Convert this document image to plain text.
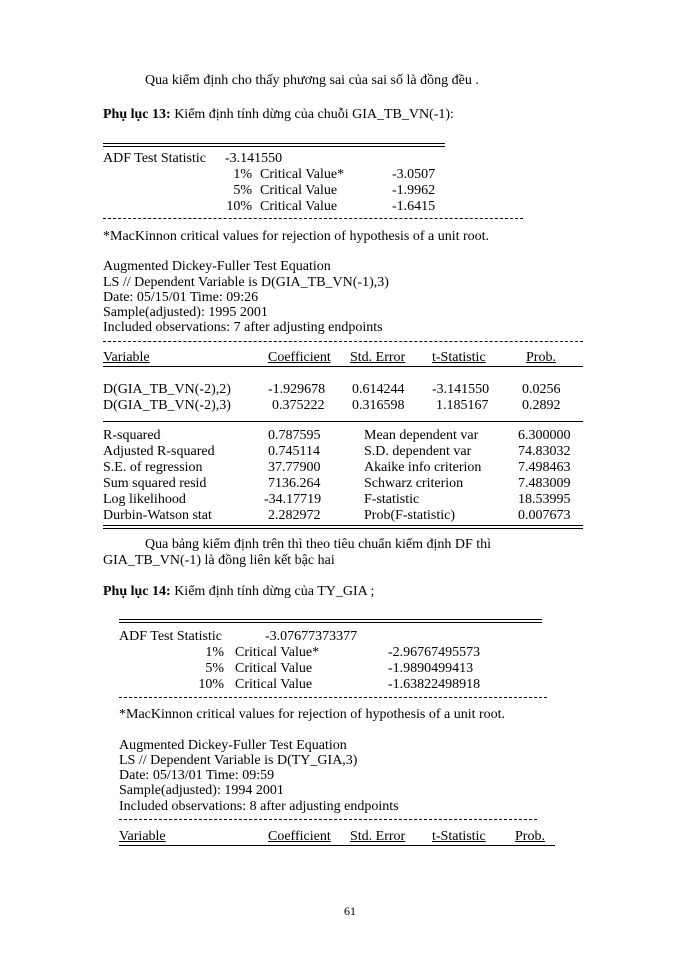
Qua kiểm định cho thấy phương sai của sai số là đồng đều .
Phụ lục 13: Kiểm định tính dừng của chuỗi GIA_TB_VN(-1):
ADF Test Statistic -3.141550
1% Critical Value*	-3.0507
5% Critical Value	-1.9962
10% Critical Value	-1.6415
*MacKinnon critical values for rejection of hypothesis of a unit root.
Augmented Dickey-Fuller Test Equation
LS // Dependent Variable is D(GIA_TB_VN(-1),3)
Date: 05/15/01 Time: 09:26
Sample(adjusted): 1995 2001
Included observations: 7 after adjusting endpoints
Variable	Coefficient Std. Error t-Statistic	Prob.
D(GIA_TB_VN(-2),2)	-1.929678 0.614244 -3.141550 0.0256
D(GIA_TB_VN(-2),3)	0.375222 0.316598 1.185167 0.2892
R-squared	0.787595	Mean dependent var	6.300000
Adjusted R-squared	0.745114	S.D. dependent var	74.83032
S.E. of regression	37.77900	Akaike info criterion	7.498463
Sum squared resid	7136.264	Schwarz criterion	7.483009
Log likelihood	-34.17719	F-statistic	18.53995
Durbin-Watson stat	2.282972	Prob(F-statistic)	0.007673
Qua bảng kiểm định trên thì theo tiêu chuẩn kiểm định DF thì
GIA_TB_VN(-1) là đồng liên kết bậc hai
Phụ lục 14: Kiểm định tính dừng của TY_GIA ;
ADF Test Statistic	-3.07677373377
1% Critical Value*	-2.96767495573
5% Critical Value	-1.9890499413
10% Critical Value	-1.63822498918
*MacKinnon critical values for rejection of hypothesis of a unit root.
Augmented Dickey-Fuller Test Equation
LS // Dependent Variable is D(TY_GIA,3)
Date: 05/13/01 Time: 09:59
Sample(adjusted): 1994 2001
Included observations: 8 after adjusting endpoints
Variable	Coefficient Std. Error t-Statistic Prob.
61
